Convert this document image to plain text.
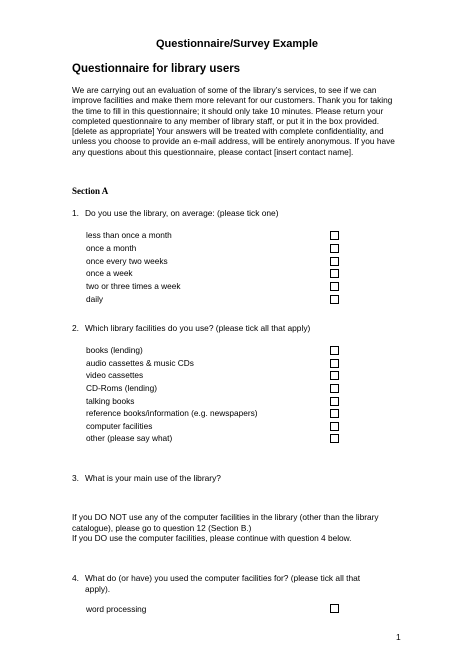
Questionnaire/Survey Example
Questionnaire for library users
We are carrying out an evaluation of some of the library’s services, to see if we can improve facilities and make them more relevant for our customers. Thank you for taking the time to fill in this questionnaire; it should only take 10 minutes. Please return your completed questionnaire to any member of library staff, or put it in the box provided. [delete as appropriate] Your answers will be treated with complete confidentiality, and unless you choose to provide an e-mail address, will be entirely anonymous. If you have any questions about this questionnaire, please contact [insert contact name].
Section A
1. Do you use the library, on average: (please tick one)
less than once a month
once a month
once every two weeks
once a week
two or three times a week
daily
2. Which library facilities do you use? (please tick all that apply)
books (lending)
audio cassettes & music CDs
video cassettes
CD-Roms (lending)
talking books
reference books/information (e.g. newspapers)
computer facilities
other (please say what)
3. What is your main use of the library?
If you DO NOT use any of the computer facilities in the library (other than the library catalogue), please go to question 12 (Section B.)
If you DO use the computer facilities, please continue with question 4 below.
4. What do (or have) you used the computer facilities for? (please tick all that apply).
word processing
1
